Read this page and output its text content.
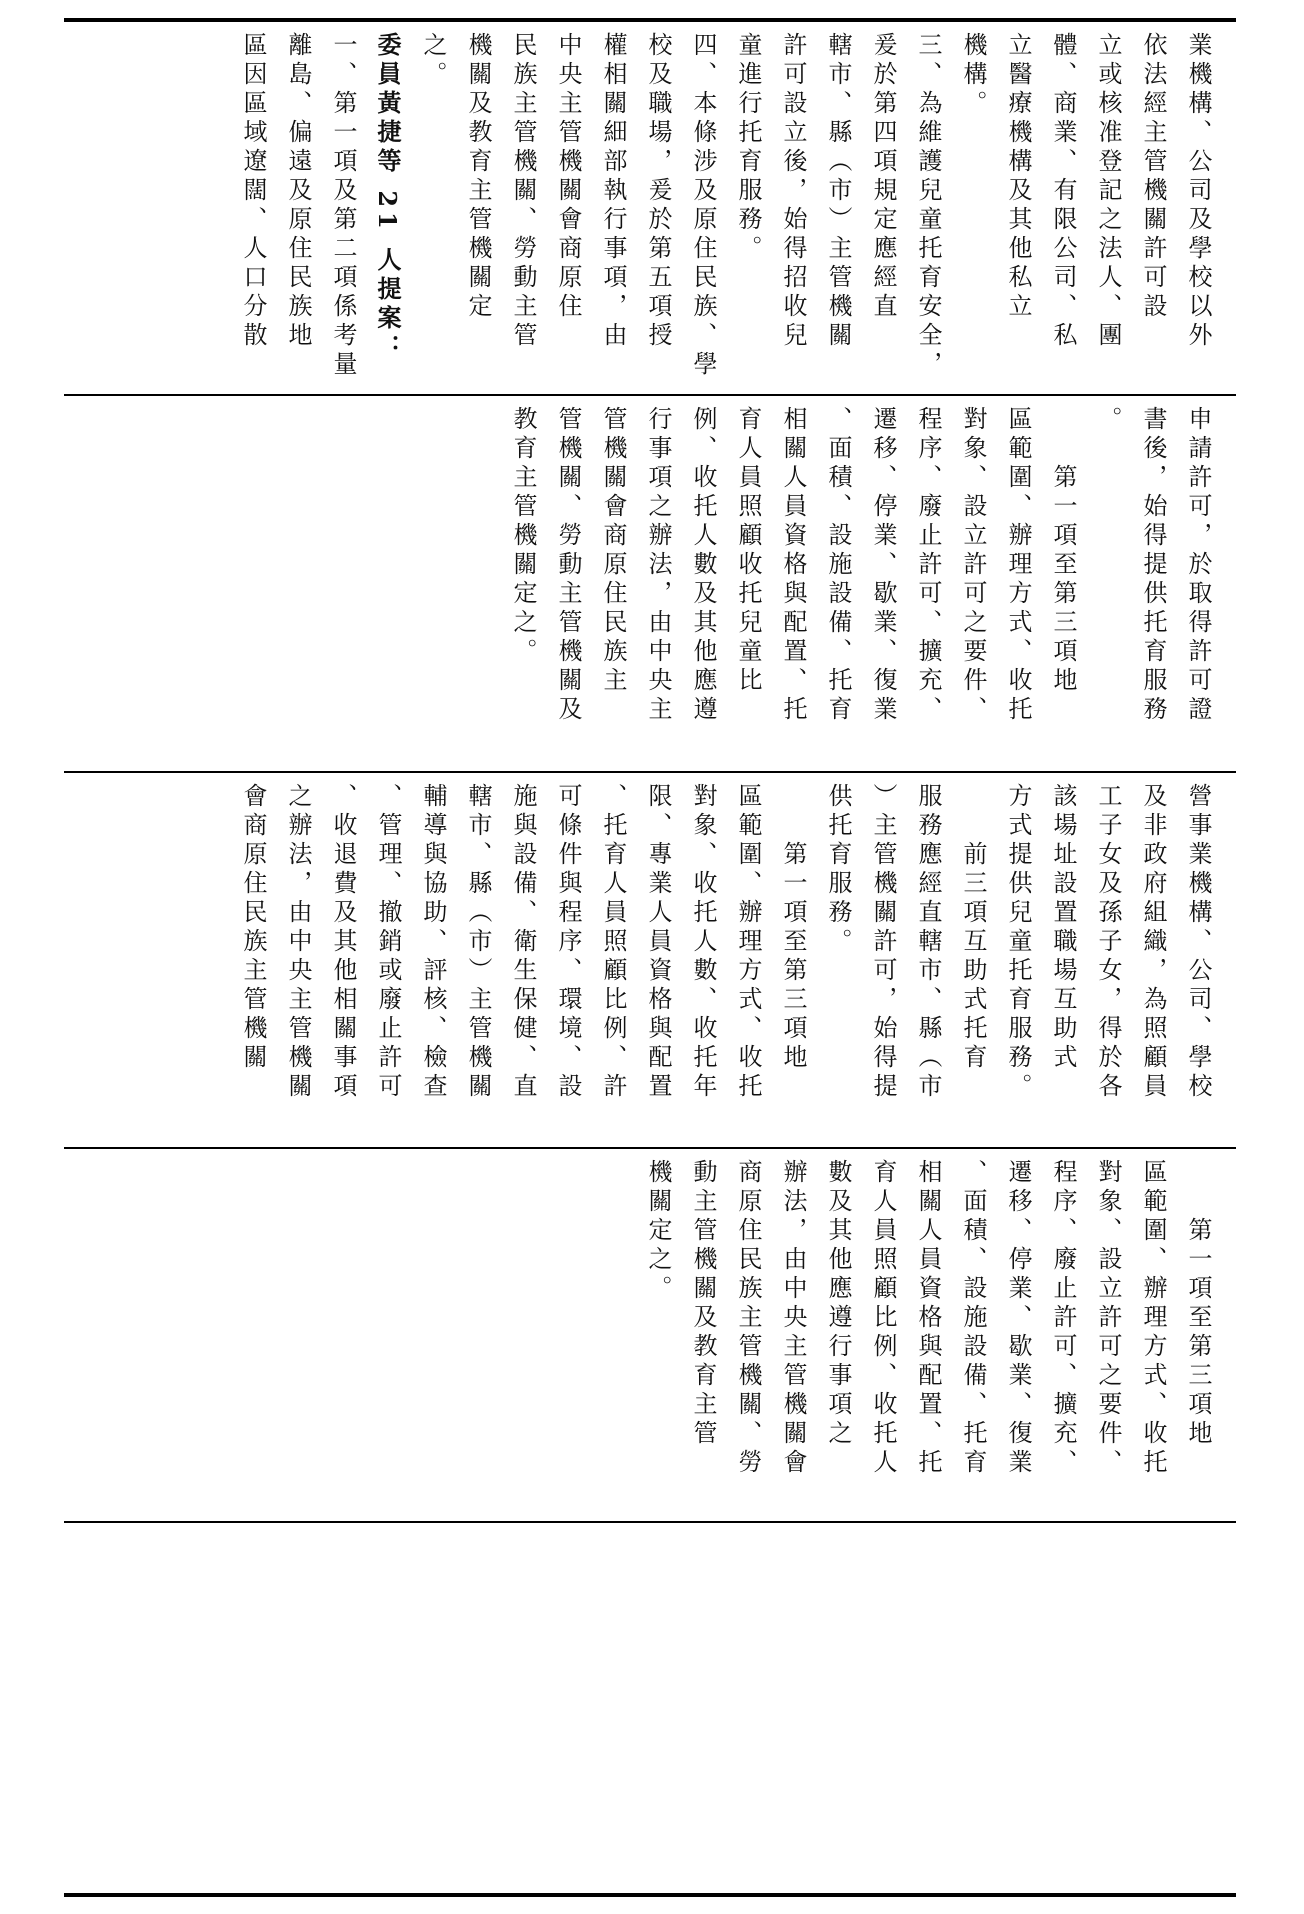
業機構、公司及學校以外
依法經主管機關許可設
立或核准登記之法人、團
體、商業、有限公司、私
立醫療機構及其他私立
機構。
三、為維護兒童托育安全，
爰於第四項規定應經直
轄市、縣（市）主管機關
許可設立後，始得招收兒
童進行托育服務。
四、本條涉及原住民族、學
校及職場，爰於第五項授
權相關細部執行事項，由
中央主管機關會商原住
民族主管機關、勞動主管
機關及教育主管機關定
之。
委員黃捷等 21 人提案：
一、第一項及第二項係考量
離島、偏遠及原住民族地
區因區域遼闊、人口分散
申請許可，於取得許可證
書後，始得提供托育服務
。
　　第一項至第三項地
區範圍、辦理方式、收托
對象、設立許可之要件、
程序、廢止許可、擴充、
遷移、停業、歇業、復業
、面積、設施設備、托育
相關人員資格與配置、托
育人員照顧收托兒童比
例、收托人數及其他應遵
行事項之辦法，由中央主
管機關會商原住民族主
管機關、勞動主管機關及
教育主管機關定之。
營事業機構、公司、學校
及非政府組織，為照顧員
工子女及孫子女，得於各
該場址設置職場互助式
方式提供兒童托育服務。
　　前三項互助式托育
服務應經直轄市、縣（市
）主管機關許可，始得提
供托育服務。
　　第一項至第三項地
區範圍、辦理方式、收托
對象、收托人數、收托年
限、專業人員資格與配置
、托育人員照顧比例、許
可條件與程序、環境、設
施與設備、衛生保健、直
轄市、縣（市）主管機關
輔導與協助、評核、檢查
、管理、撤銷或廢止許可
、收退費及其他相關事項
之辦法，由中央主管機關
會商原住民族主管機關
　　第一項至第三項地
區範圍、辦理方式、收托
對象、設立許可之要件、
程序、廢止許可、擴充、
遷移、停業、歇業、復業
、面積、設施設備、托育
相關人員資格與配置、托
育人員照顧比例、收托人
數及其他應遵行事項之
辦法，由中央主管機關會
商原住民族主管機關、勞
動主管機關及教育主管
機關定之。
